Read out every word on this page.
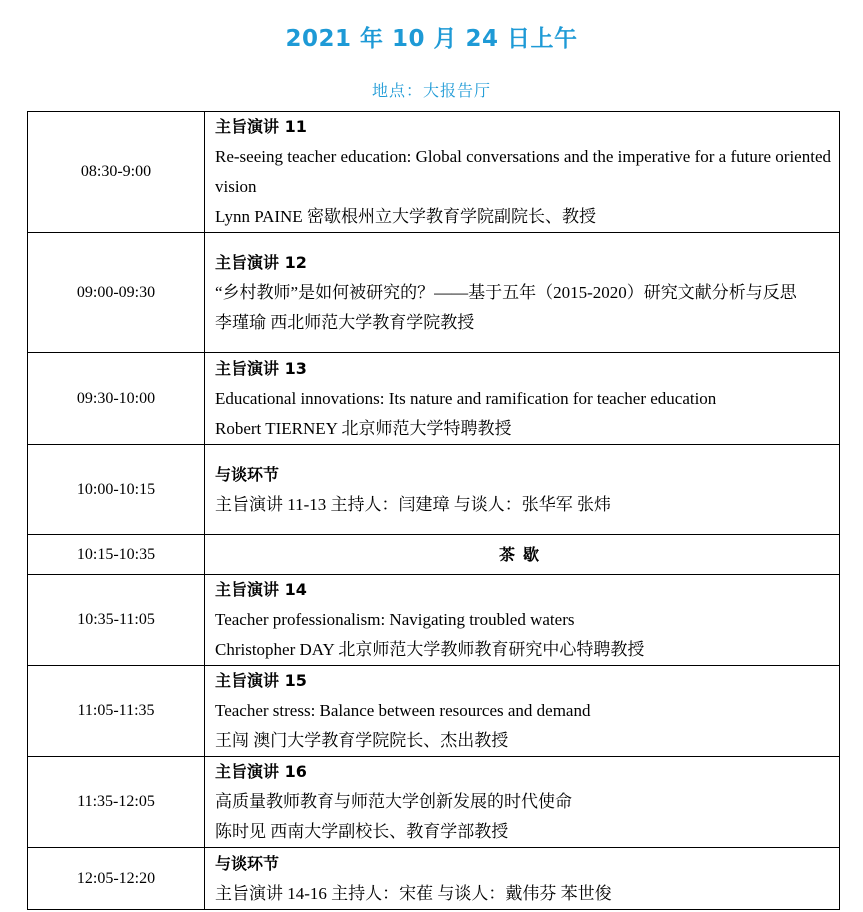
2021 年 10 月 24 日上午
地点：大报告厅
08:30-9:00	主旨演讲 11
Re-seeing teacher education: Global conversations and the imperative for a future oriented vision
Lynn PAINE 密歇根州立大学教育学院副院长、教授

09:00-09:30	主旨演讲 12
“乡村教师”是如何被研究的？——基于五年（2015-2020）研究文献分析与反思
李瑾瑜 西北师范大学教育学院教授

09:30-10:00	主旨演讲 13
Educational innovations: Its nature and ramification for teacher education
Robert TIERNEY 北京师范大学特聘教授

10:00-10:15	与谈环节
主旨演讲 11-13 主持人：闫建璋 与谈人：张华军 张炜

10:15-10:35	茶歇
10:35-11:05	主旨演讲 14
Teacher professionalism: Navigating troubled waters
Christopher DAY 北京师范大学教师教育研究中心特聘教授

11:05-11:35	主旨演讲 15
Teacher stress: Balance between resources and demand
王闯 澳门大学教育学院院长、杰出教授

11:35-12:05	主旨演讲 16
高质量教师教育与师范大学创新发展的时代使命
陈时见 西南大学副校长、教育学部教授

12:05-12:20	与谈环节
主旨演讲 14-16 主持人：宋萑 与谈人：戴伟芬 苯世俊
